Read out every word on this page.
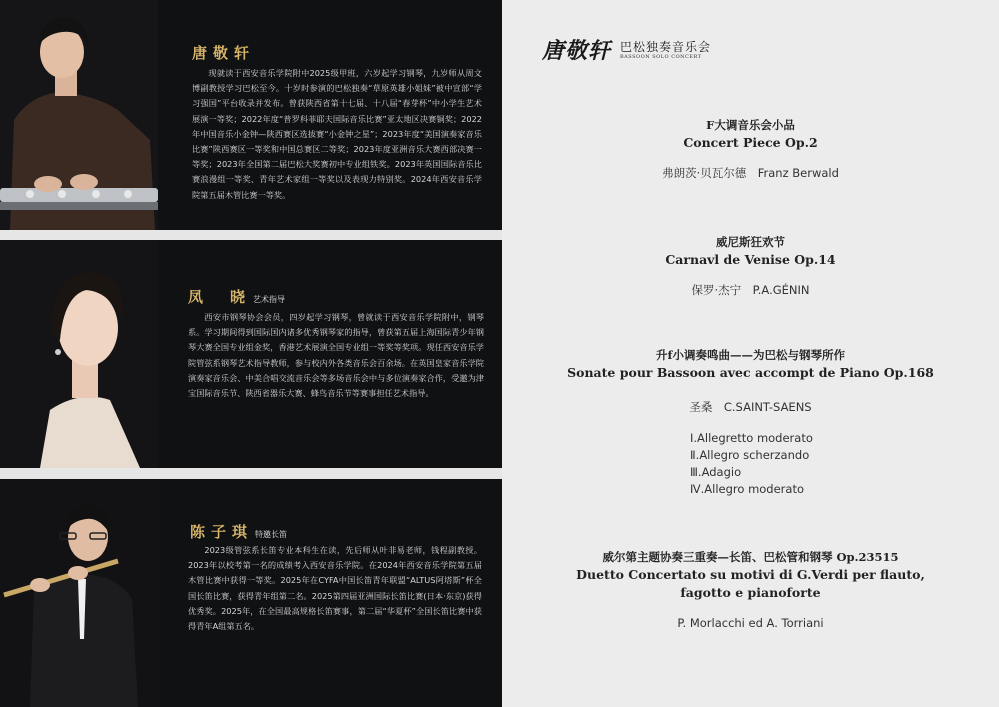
唐敬轩

现就读于西安音乐学院附中2025级甲班，六岁起学习钢琴，九岁师从周文博副教授学习巴松至今。十岁时参演的巴松独奏“草原英雄小姐妹”被中宣部“学习强国”平台收录并发布。曾获陕西省第十七届、十八届“春芽杯”中小学生艺术展演一等奖；2022年度“普罗科菲耶夫国际音乐比赛”亚太地区决赛铜奖；2022年中国音乐小金钟—陕西赛区选拔赛“小金钟之星”；2023年度“美国演奏家音乐比赛”陕西赛区一等奖和中国总赛区二等奖；2023年度亚洲音乐大赛西部决赛一等奖；2023年全国第二届巴松大奖赛初中专业组铁奖。2023年英国国际音乐比赛浪漫组一等奖、青年艺术家组一等奖以及表现力特别奖。2024年西安音乐学院第五届木管比赛一等奖。

凤　晓 艺术指导

西安市钢琴协会会员，四岁起学习钢琴，曾就读于西安音乐学院附中，钢琴系。学习期间得到国际国内诸多优秀钢琴家的指导，曾获第五届上海国际青少年钢琴大赛全国专业组金奖，香港艺术展演全国专业组一等奖等奖项。现任西安音乐学院管弦系钢琴艺术指导教师，参与校内外各类音乐会百余场。在英国皇家音乐学院演奏家音乐会、中美合唱交流音乐会等多场音乐会中与多位演奏家合作，受邀为津宝国际音乐节、陕西省器乐大赛、蜂鸟音乐节等赛事担任艺术指导。

陈子琪 特邀长笛

2023级管弦系长笛专业本科生在读，先后师从叶非易老师，钱程副教授。2023年以校考第一名的成绩考入西安音乐学院。在2024年西安音乐学院第五届木管比赛中获得一等奖。2025年在CYFA中国长笛青年联盟“ALTUS阿塔斯”杯全国长笛比赛，获得青年组第二名。2025第四届亚洲国际长笛比赛(日本·东京)获得优秀奖。2025年，在全国最高规格长笛赛事，第二届“华夏杯”全国长笛比赛中获得青年A组第五名。

唐敬轩 巴松独奏音乐会
BASSOON SOLO CONCERT
F大调音乐会小品
Concert Piece Op.2
弗朗茨·贝瓦尔德　Franz Berwald
威尼斯狂欢节
Carnavl de Venise Op.14
保罗·杰宁　P.A.GÉNIN
升f小调奏鸣曲——为巴松与钢琴所作
Sonate pour Bassoon avec accompt de Piano Op.168
圣桑　C.SAINT-SAENS
Ⅰ.Allegretto moderato
Ⅱ.Allegro scherzando
Ⅲ.Adagio
Ⅳ.Allegro moderato
威尔第主题协奏三重奏—长笛、巴松管和钢琴 Op.23515
Duetto Concertato su motivi di G.Verdi per flauto,
fagotto e pianoforte
P. Morlacchi ed A. Torriani
